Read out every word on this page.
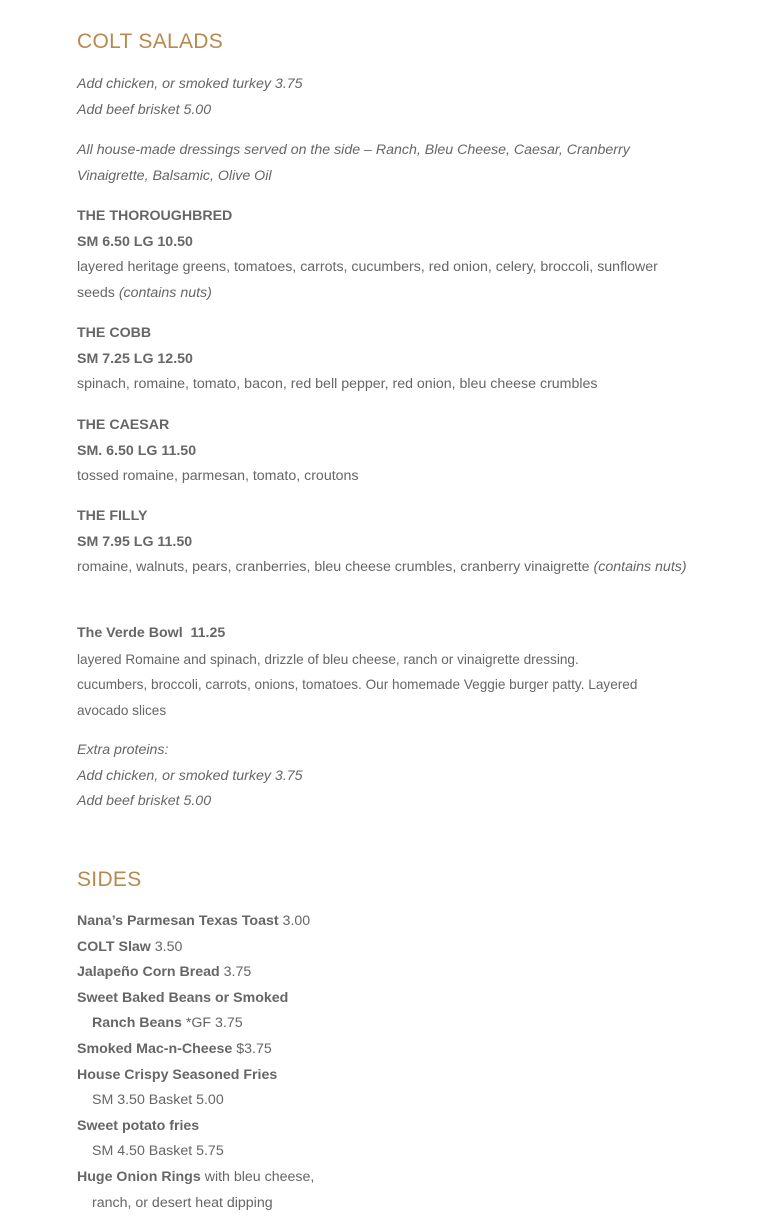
COLT SALADS

Add chicken, or smoked turkey 3.75

Add beef brisket 5.00

All house-made dressings served on the side – Ranch, Bleu Cheese, Caesar, Cranberry Vinaigrette, Balsamic, Olive Oil

THE THOROUGHBRED

SM 6.50 LG 10.50

layered heritage greens, tomatoes, carrots, cucumbers, red onion, celery, broccoli, sunflower seeds (contains nuts)

THE COBB

SM 7.25 LG 12.50

spinach, romaine, tomato, bacon, red bell pepper, red onion, bleu cheese crumbles

THE CAESAR

SM. 6.50 LG 11.50

tossed romaine, parmesan, tomato, croutons

THE FILLY

SM 7.95 LG 11.50

romaine, walnuts, pears, cranberries, bleu cheese crumbles, cranberry vinaigrette (contains nuts)

The Verde Bowl  11.25

layered Romaine and spinach, drizzle of bleu cheese, ranch or vinaigrette dressing.

cucumbers, broccoli, carrots, onions, tomatoes. Our homemade Veggie burger patty. Layered avocado slices

Extra proteins:

Add chicken, or smoked turkey 3.75

Add beef brisket 5.00

SIDES

Nana’s Parmesan Texas Toast 3.00

COLT Slaw 3.50

Jalapeño Corn Bread 3.75

Sweet Baked Beans or Smoked

Ranch Beans *GF 3.75

Smoked Mac-n-Cheese $3.75

House Crispy Seasoned Fries

SM 3.50 Basket 5.00

Sweet potato fries

SM 4.50 Basket 5.75

Huge Onion Rings with bleu cheese,

ranch, or desert heat dipping
